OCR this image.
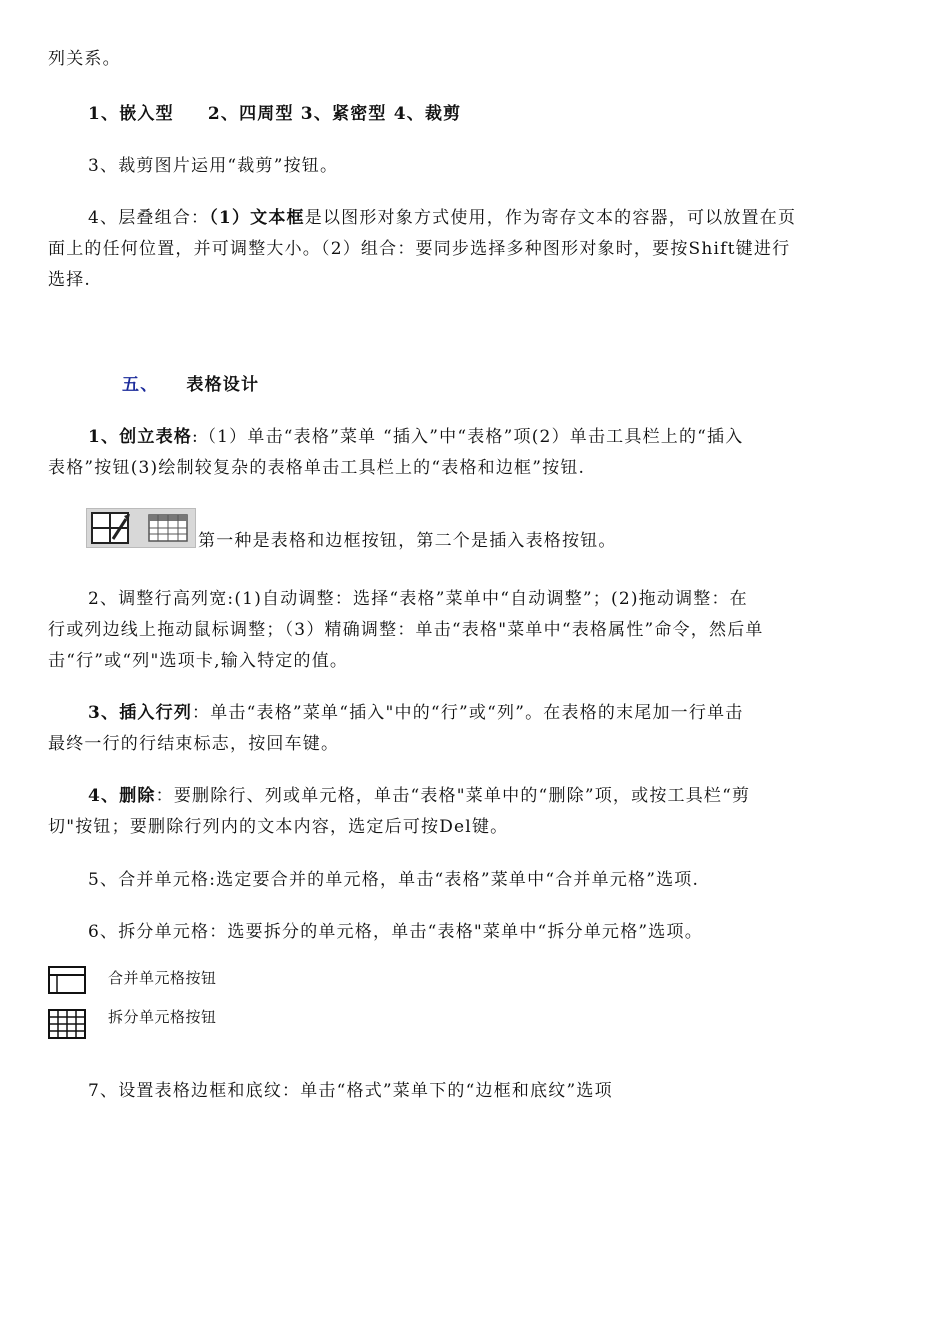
列关系。
1、嵌入型 2、四周型 3、紧密型 4、裁剪
3、裁剪图片运用“裁剪”按钮。
4、层叠组合：（1）文本框是以图形对象方式使用，作为寄存文本的容器，可以放置在页
面上的任何位置，并可调整大小。（2）组合：要同步选择多种图形对象时，要按Shift键进行
选择.
五、 表格设计
1、创立表格:（1）单击“表格”菜单 “插入”中“表格”项(2）单击工具栏上的“插入
表格”按钮(3)绘制较复杂的表格单击工具栏上的“表格和边框”按钮.
第一种是表格和边框按钮，第二个是插入表格按钮。
2、调整行高列宽:(1)自动调整：选择“表格”菜单中“自动调整”；(2)拖动调整：在
行或列边线上拖动鼠标调整；（3）精确调整：单击“表格"菜单中“表格属性”命令，然后单
击“行”或“列"选项卡,输入特定的值。
3、插入行列：单击“表格”菜单“插入"中的“行”或“列”。在表格的末尾加一行单击
最终一行的行结束标志，按回车键。
4、删除：要删除行、列或单元格，单击“表格"菜单中的“删除”项，或按工具栏“剪
切"按钮；要删除行列内的文本内容，选定后可按Del键。
5、合并单元格:选定要合并的单元格，单击“表格”菜单中“合并单元格”选项.
6、拆分单元格：选要拆分的单元格，单击“表格"菜单中“拆分单元格”选项。
合并单元格按钮
拆分单元格按钮
7、设置表格边框和底纹：单击“格式”菜单下的“边框和底纹”选项
